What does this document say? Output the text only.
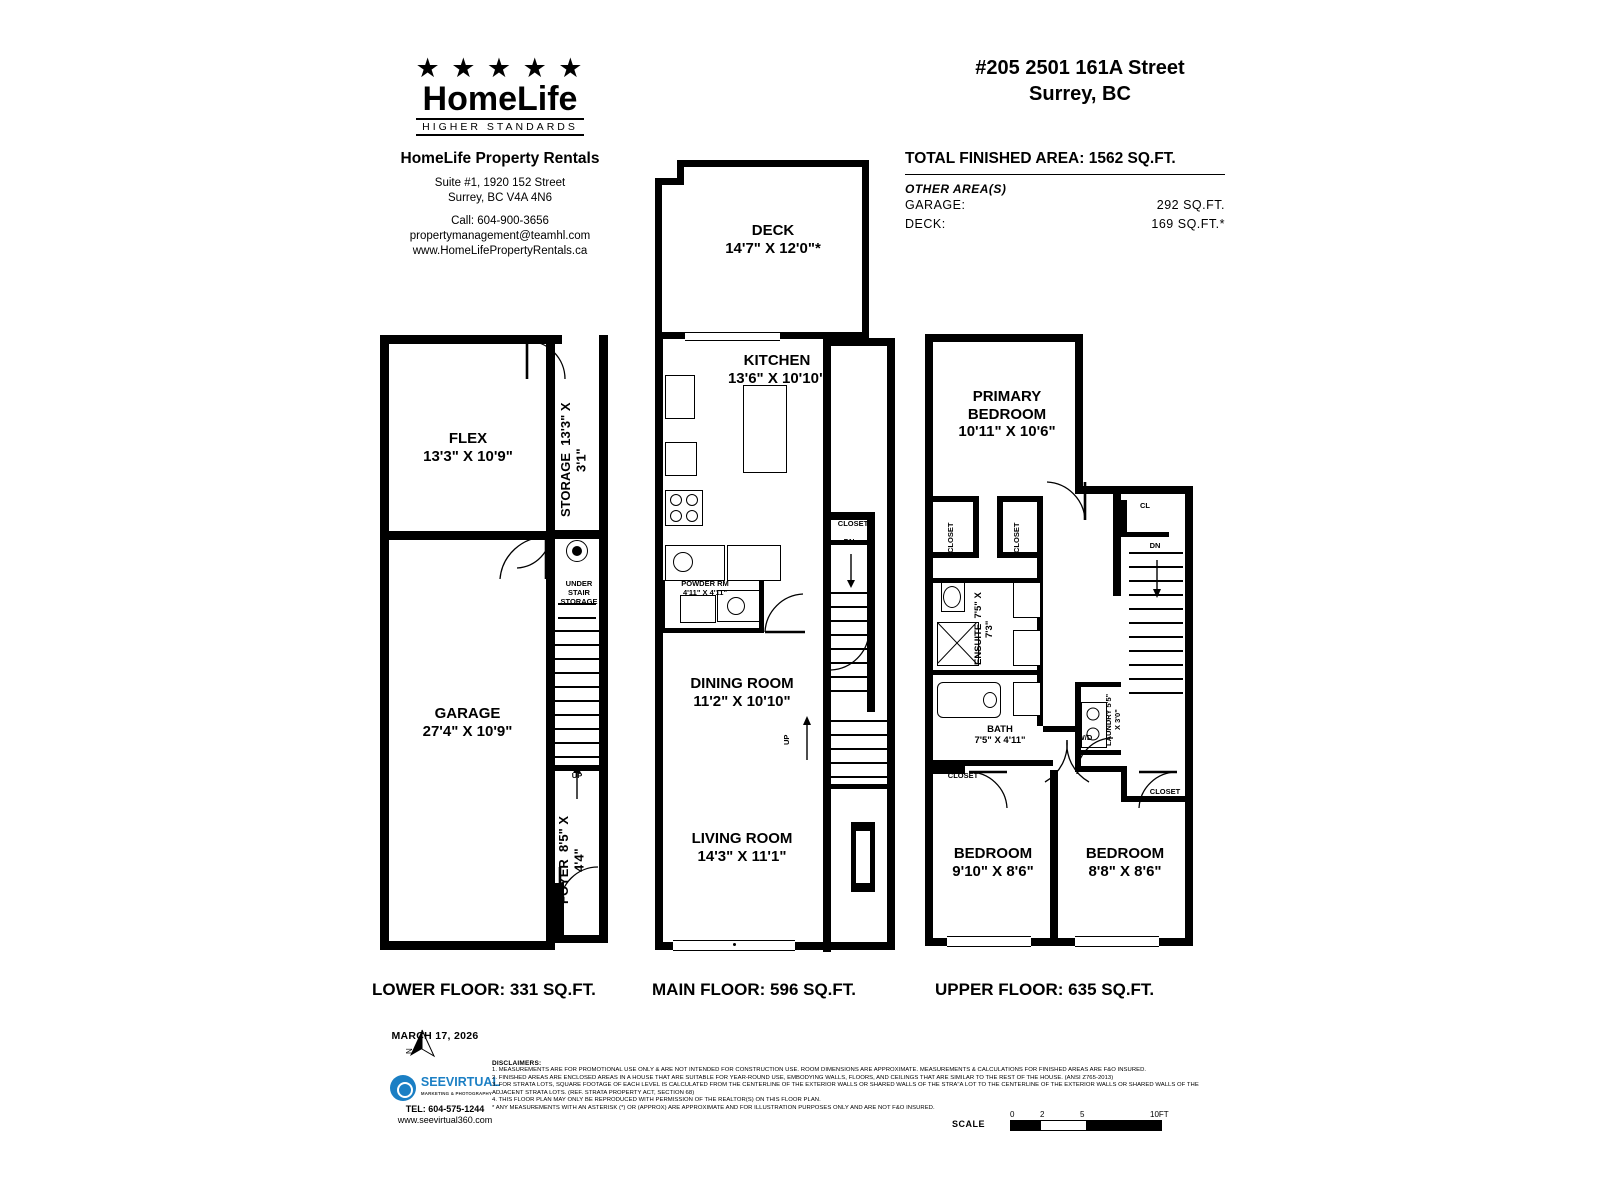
★ ★ ★ ★ ★
HomeLife
HIGHER STANDARDS
HomeLife Property Rentals
Suite #1, 1920 152 Street
Surrey, BC V4A 4N6
Call: 604-900-3656
propertymanagement@teamhl.com
www.HomeLifePropertyRentals.ca
#205 2501 161A Street
Surrey, BC
TOTAL FINISHED AREA: 1562 SQ.FT.
OTHER AREA(S)
GARAGE:	292 SQ.FT.
DECK:	169 SQ.FT.*
UP
FLEX
13'3" X 10'9"	STORAGE  13'3" X 3'1"
UNDER
STAIR
STORAGE
GARAGE
27'4" X 10'9"
FOYER  8'5" X 4'4"
LOWER FLOOR: 331 SQ.FT.
CLOSET
DN
UP
DECK
14'7" X 12'0"*
KITCHEN
13'6" X 10'10"
POWDER RM
4'11" X 4'11"
DINING ROOM
11'2" X 10'10"
LIVING ROOM
14'3" X 11'1"
MAIN FLOOR: 596 SQ.FT.
DN
PRIMARY
BEDROOM
10'11" X 10'6"
CLOSET	CLOSET
CL
ENSUITE  7'5" X 7'3"
BATH
7'5" X 4'11"	LAUNDRY 5'5" X 3'0"
W/D
CLOSET
CLOSET
BEDROOM
9'10" X 8'6"
BEDROOM
8'8" X 8'6"
UPPER FLOOR: 635 SQ.FT.
N
MARCH 17, 2026
SEEVIRTUAL
MARKETING & PHOTOGRAPHY
TEL: 604-575-1244
www.seevirtual360.com
DISCLAIMERS:
1. MEASUREMENTS ARE FOR PROMOTIONAL USE ONLY & ARE NOT INTENDED FOR CONSTRUCTION USE. ROOM DIMENSIONS ARE APPROXIMATE. MEASUREMENTS & CALCULATIONS FOR FINISHED AREAS ARE F&O INSURED.
2. FINISHED AREAS ARE ENCLOSED AREAS IN A HOUSE THAT ARE SUITABLE FOR YEAR-ROUND USE, EMBODYING WALLS, FLOORS, AND CEILINGS THAT ARE SIMILAR TO THE REST OF THE HOUSE. (ANSI Z765-2013)
3. FOR STRATA LOTS, SQUARE FOOTAGE OF EACH LEVEL IS CALCULATED FROM THE CENTERLINE OF THE EXTERIOR WALLS OR SHARED WALLS OF THE STRA"A LOT TO THE CENTERLINE OF THE EXTERIOR WALLS OR SHARED WALLS OF THE ADJACENT STRATA LOTS. (REF. STRATA PROPERTY ACT, SECTION 68)
4. THIS FLOOR PLAN MAY ONLY BE REPRODUCED WITH PERMISSION OF THE REALTOR(S) ON THIS FLOOR PLAN.
* ANY MEASUREMENTS WITH AN ASTERISK (*) OR (APPROX) ARE APPROXIMATE AND FOR ILLUSTRATION PURPOSES ONLY AND ARE NOT F&O INSURED.
0	2	5	10FT
SCALE
